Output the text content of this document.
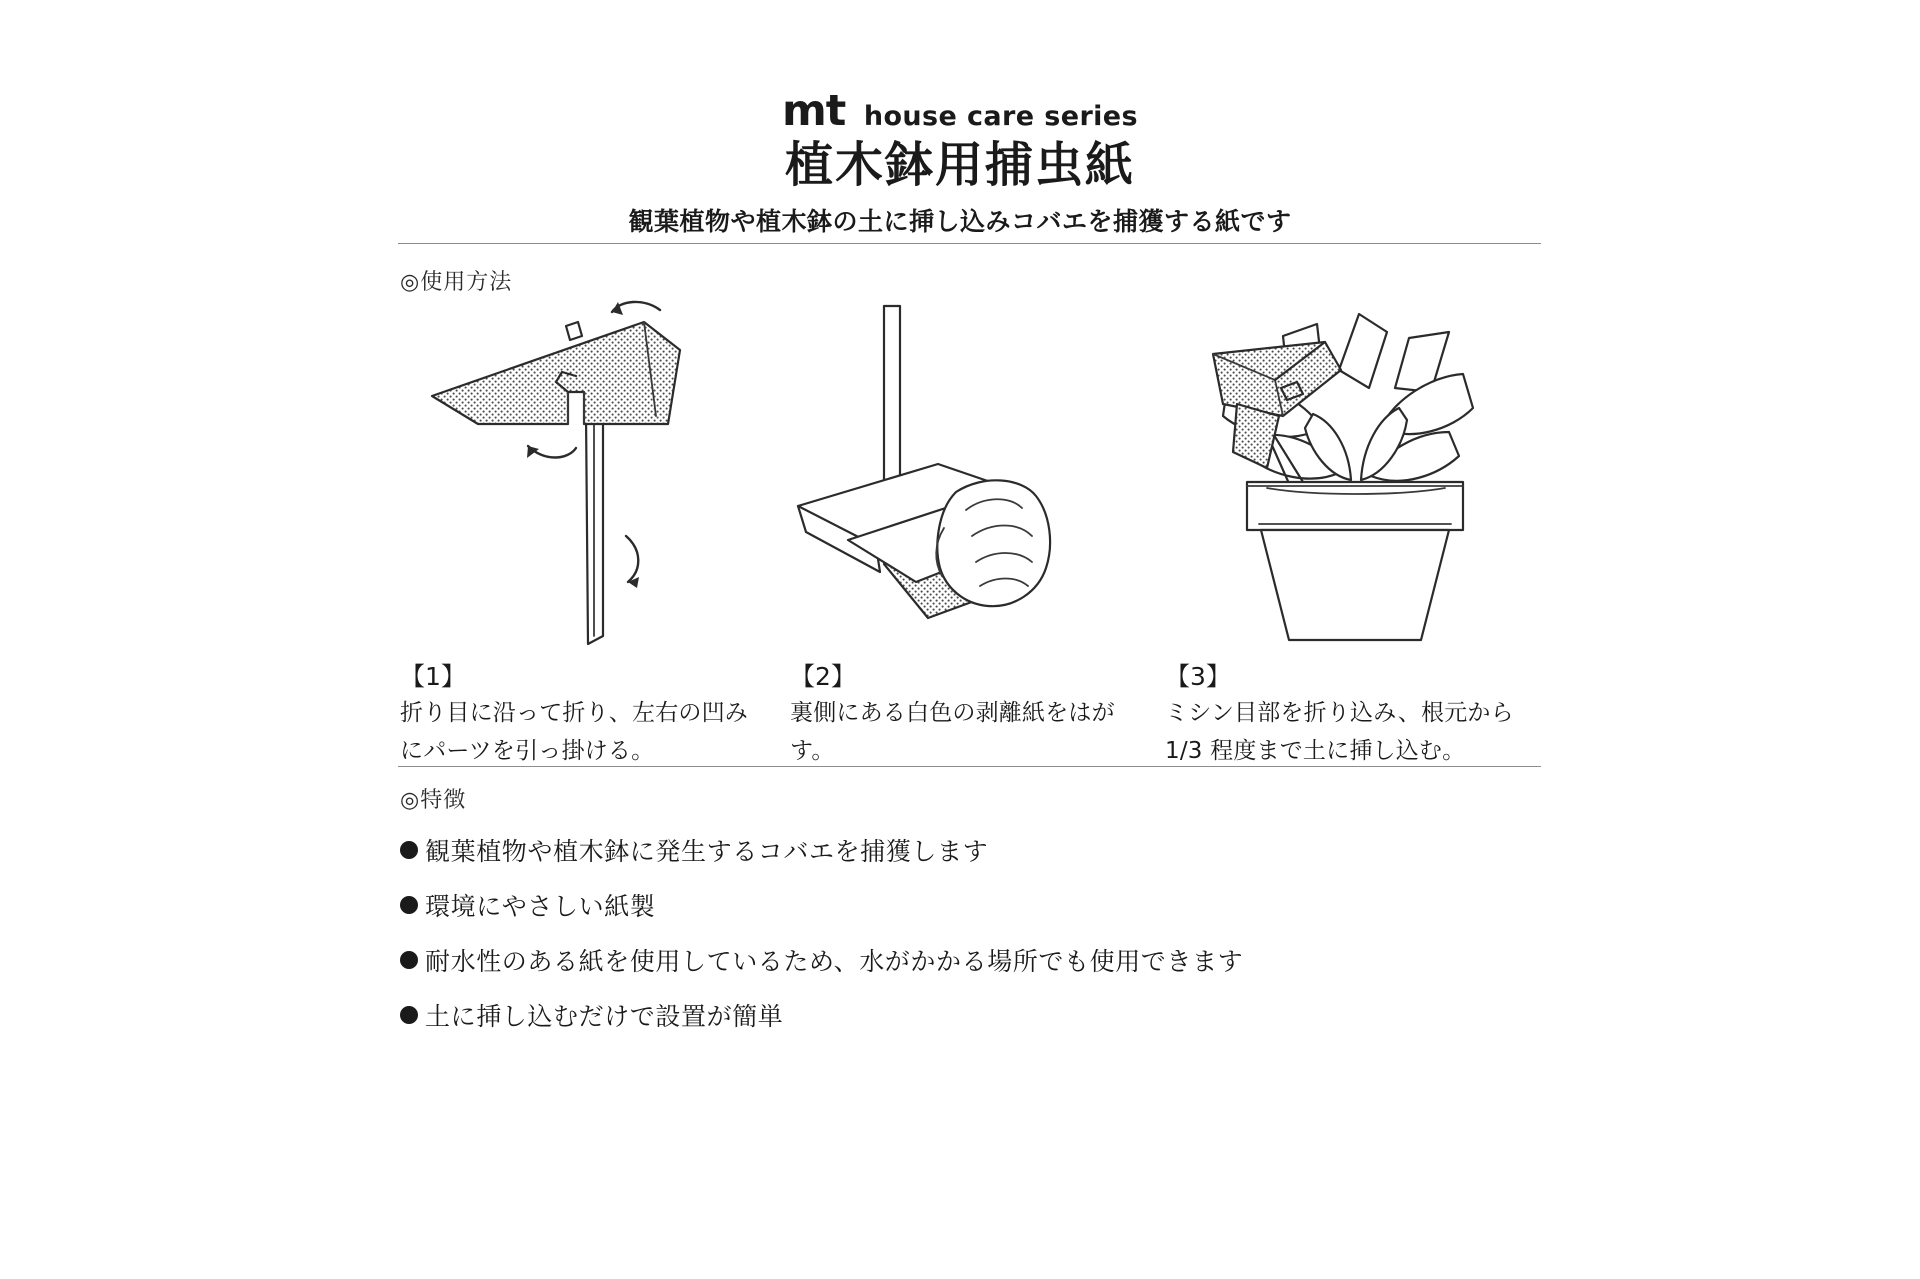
mt house care series
植木鉢用捕虫紙
観葉植物や植木鉢の土に挿し込みコバエを捕獲する紙です
◎使用方法
【1】
折り目に沿って折り、左右の凹みにパーツを引っ掛ける。
【2】
裏側にある白色の剥離紙をはがす。
【3】
ミシン目部を折り込み、根元から 1/3 程度まで土に挿し込む。
◎特徴
観葉植物や植木鉢に発生するコバエを捕獲します
環境にやさしい紙製
耐水性のある紙を使用しているため、水がかかる場所でも使用できます
土に挿し込むだけで設置が簡単
